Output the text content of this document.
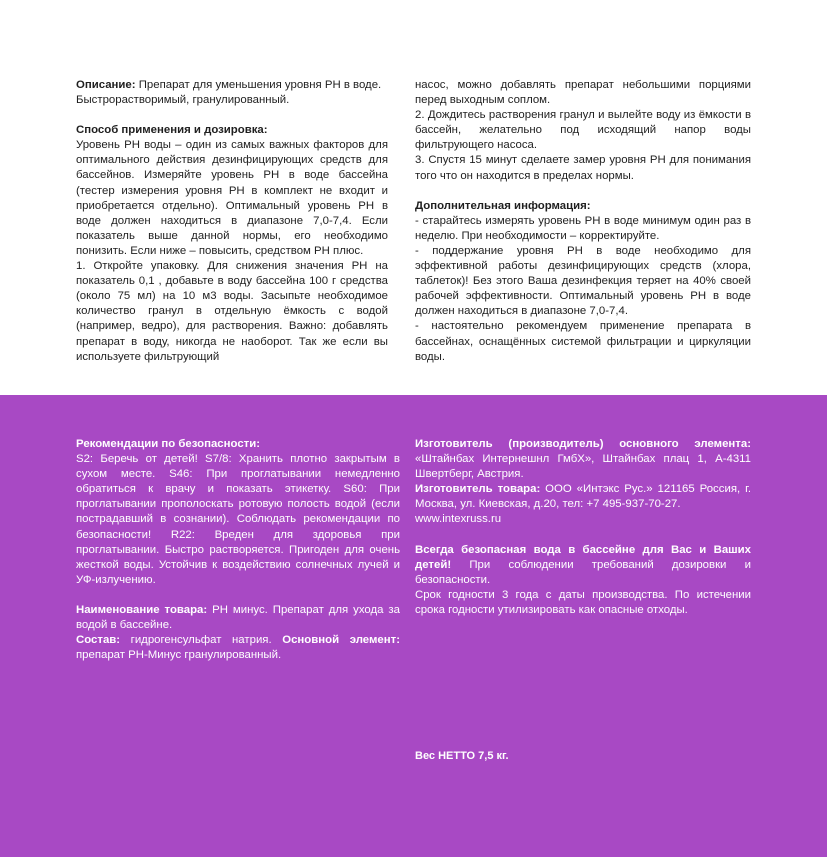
Описание: Препарат для уменьшения уровня PH в воде. Быстрорастворимый, гранулированный.

Способ применения и дозировка:

Уровень PH воды – один из самых важных факторов для оптимального действия дезинфицирующих средств для бассейнов. Измеряйте уровень PH в воде бассейна (тестер измерения уровня PH в комплект не входит и приобретается отдельно). Оптимальный уровень PH в воде должен находиться в диапазоне 7,0-7,4. Если показатель выше данной нормы, его необходимо понизить. Если ниже – повысить, средством PH плюс.

1. Откройте упаковку. Для снижения значения PH на показатель 0,1 , добавьте в воду бассейна 100 г средства (около 75 мл) на 10 м3 воды. Засыпьте необходимое количество гранул в отдельную ёмкость с водой (например, ведро), для растворения. Важно: добавлять препарат в воду, никогда не наоборот. Так же если вы используете фильтрующий

насос, можно добавлять препарат небольшими порциями перед выходным соплом.

2. Дождитесь растворения гранул и вылейте воду из ёмкости в бассейн, желательно под исходящий напор воды фильтрующего насоса.

3. Спустя 15 минут сделаете замер уровня PH для понимания того что он находится в пределах нормы.

Дополнительная информация:

- старайтесь измерять уровень PH в воде минимум один раз в неделю. При необходимости – корректируйте.

- поддержание уровня PH в воде необходимо для эффективной работы дезинфицирующих средств (хлора, таблеток)! Без этого Ваша дезинфекция теряет на 40% своей рабочей эффективности. Оптимальный уровень PH в воде должен находиться в диапазоне 7,0-7,4.

- настоятельно рекомендуем применение препарата в бассейнах, оснащённых системой фильтрации и циркуляции воды.

Рекомендации по безопасности:

S2: Беречь от детей! S7/8: Хранить плотно закрытым в сухом месте. S46: При проглатывании немедленно обратиться к врачу и показать этикетку. S60: При проглатывании прополоскать ротовую полость водой (если пострадавший в сознании). Соблюдать рекомендации по безопасности! R22: Вреден для здоровья при проглатывании. Быстро растворяется. Пригоден для очень жесткой воды. Устойчив к воздействию солнечных лучей и УФ-излучению.

Наименование товара: PH минус. Препарат для ухода за водой в бассейне.

Состав: гидрогенсульфат натрия. Основной элемент: препарат PH-Минус гранулированный.

Изготовитель (производитель) основного элемента: «Штайнбах Интернешнл ГмбХ», Штайнбах плац 1, А-4311 Швертберг, Австрия.

Изготовитель товара: ООО «Интэкс Рус.» 121165 Россия, г. Москва, ул. Киевская, д.20, тел: +7 495-937-70-27.

www.intexruss.ru

Всегда безопасная вода в бассейне для Вас и Ваших детей! При соблюдении требований дозировки и безопасности.

Срок годности 3 года с даты производства. По истечении срока годности утилизировать как опасные отходы.

Вес НЕТТО 7,5 кг.
